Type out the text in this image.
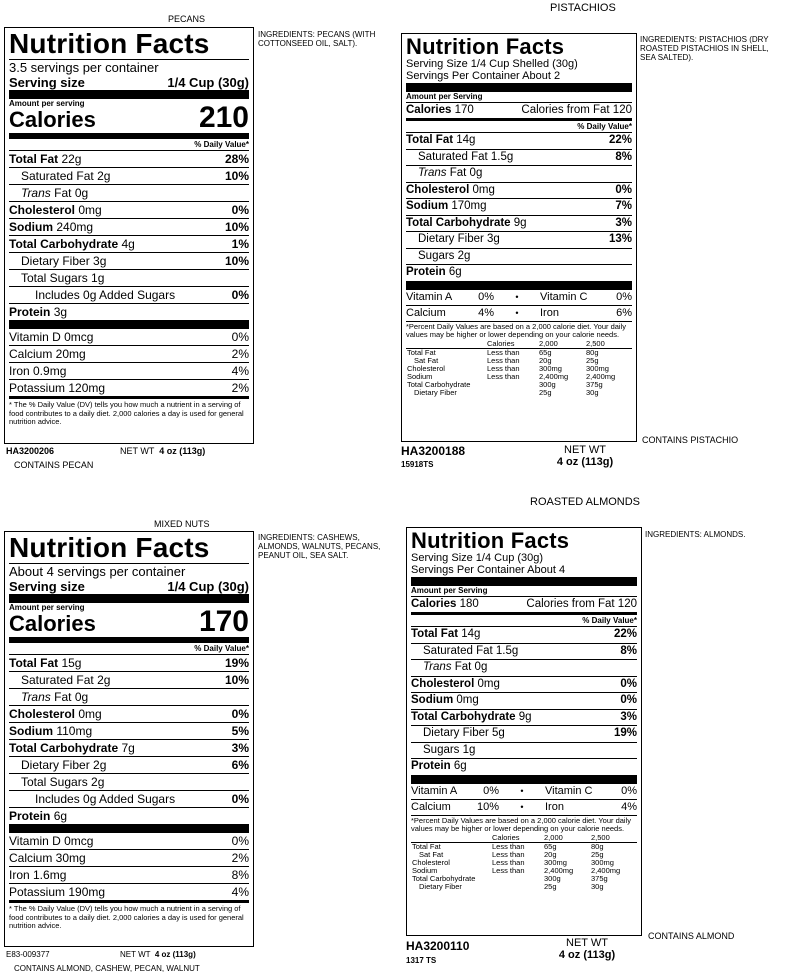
PECANS
INGREDIENTS: PECANS (WITH COTTONSEED OIL, SALT).
Nutrition Facts
3.5 servings per container
Serving size	1/4 Cup (30g)
Amount per serving
Calories	210
% Daily Value*
Total Fat 22g	28%
Saturated Fat 2g	10%
Trans Fat 0g
Cholesterol 0mg	0%
Sodium 240mg	10%
Total Carbohydrate 4g	1%
Dietary Fiber 3g	10%
Total Sugars 1g
Includes 0g Added Sugars	0%
Protein 3g
Vitamin D 0mcg	0%
Calcium 20mg	2%
Iron 0.9mg	4%
Potassium 120mg	2%
* The % Daily Value (DV) tells you how much a nutrient in a serving of food contributes to a daily diet. 2,000 calories a day is used for general nutrition advice.
HA3200206	NET WT 4 oz (113g)
CONTAINS PECAN
PISTACHIOS
INGREDIENTS: PISTACHIOS (DRY ROASTED PISTACHIOS IN SHELL, SEA SALTED).
Nutrition Facts
Serving Size 1/4 Cup Shelled (30g)
Servings Per Container About 2
Amount per Serving
Calories 170	Calories from Fat 120
% Daily Value*
Total Fat 14g	22%
Saturated Fat 1.5g	8%
Trans Fat 0g
Cholesterol 0mg	0%
Sodium 170mg	7%
Total Carbohydrate 9g	3%
Dietary Fiber 3g	13%
Sugars 2g
Protein 6g
Vitamin A 0% • Vitamin C	0%
Calcium	4% • Iron	6%
*Percent Daily Values are based on a 2,000 calorie diet. Your daily values may be higher or lower depending on your calorie needs.
	Calories	2,000	2,500
Total Fat	Less than	65g	80g
Sat Fat	Less than	20g	25g
Cholesterol	Less than	300mg	300mg
Sodium	Less than	2,400mg	2,400mg
Total Carbohydrate		300g	375g
Dietary Fiber		25g	30g
HA3200188
15918TS
NET WT
4 oz (113g)
CONTAINS PISTACHIO
MIXED NUTS
INGREDIENTS: CASHEWS, ALMONDS, WALNUTS, PECANS, PEANUT OIL, SEA SALT.
Nutrition Facts
About 4 servings per container
Serving size	1/4 Cup (30g)
Amount per serving
Calories	170
% Daily Value*
Total Fat 15g	19%
Saturated Fat 2g	10%
Trans Fat 0g
Cholesterol 0mg	0%
Sodium 110mg	5%
Total Carbohydrate 7g	3%
Dietary Fiber 2g	6%
Total Sugars 2g
Includes 0g Added Sugars	0%
Protein 6g
Vitamin D 0mcg	0%
Calcium 30mg	2%
Iron 1.6mg	8%
Potassium 190mg	4%
* The % Daily Value (DV) tells you how much a nutrient in a serving of food contributes to a daily diet. 2,000 calories a day is used for general nutrition advice.
E83-009377	NET WT 4 oz (113g)
CONTAINS ALMOND, CASHEW, PECAN, WALNUT
ROASTED ALMONDS
INGREDIENTS: ALMONDS.
Nutrition Facts
Serving Size 1/4 Cup (30g)
Servings Per Container About 4
Amount per Serving
Calories 180	Calories from Fat 120
% Daily Value*
Total Fat 14g	22%
Saturated Fat 1.5g	8%
Trans Fat 0g
Cholesterol 0mg	0%
Sodium 0mg	0%
Total Carbohydrate 9g	3%
Dietary Fiber 5g	19%
Sugars 1g
Protein 6g
Vitamin A 0% • Vitamin C	0%
Calcium 10% • Iron	4%
*Percent Daily Values are based on a 2,000 calorie diet. Your daily values may be higher or lower depending on your calorie needs.
	Calories	2,000	2,500
Total Fat	Less than	65g	80g
Sat Fat	Less than	20g	25g
Cholesterol	Less than	300mg	300mg
Sodium	Less than	2,400mg	2,400mg
Total Carbohydrate		300g	375g
Dietary Fiber		25g	30g
HA3200110
1317 TS
NET WT
4 oz (113g)
CONTAINS ALMOND
